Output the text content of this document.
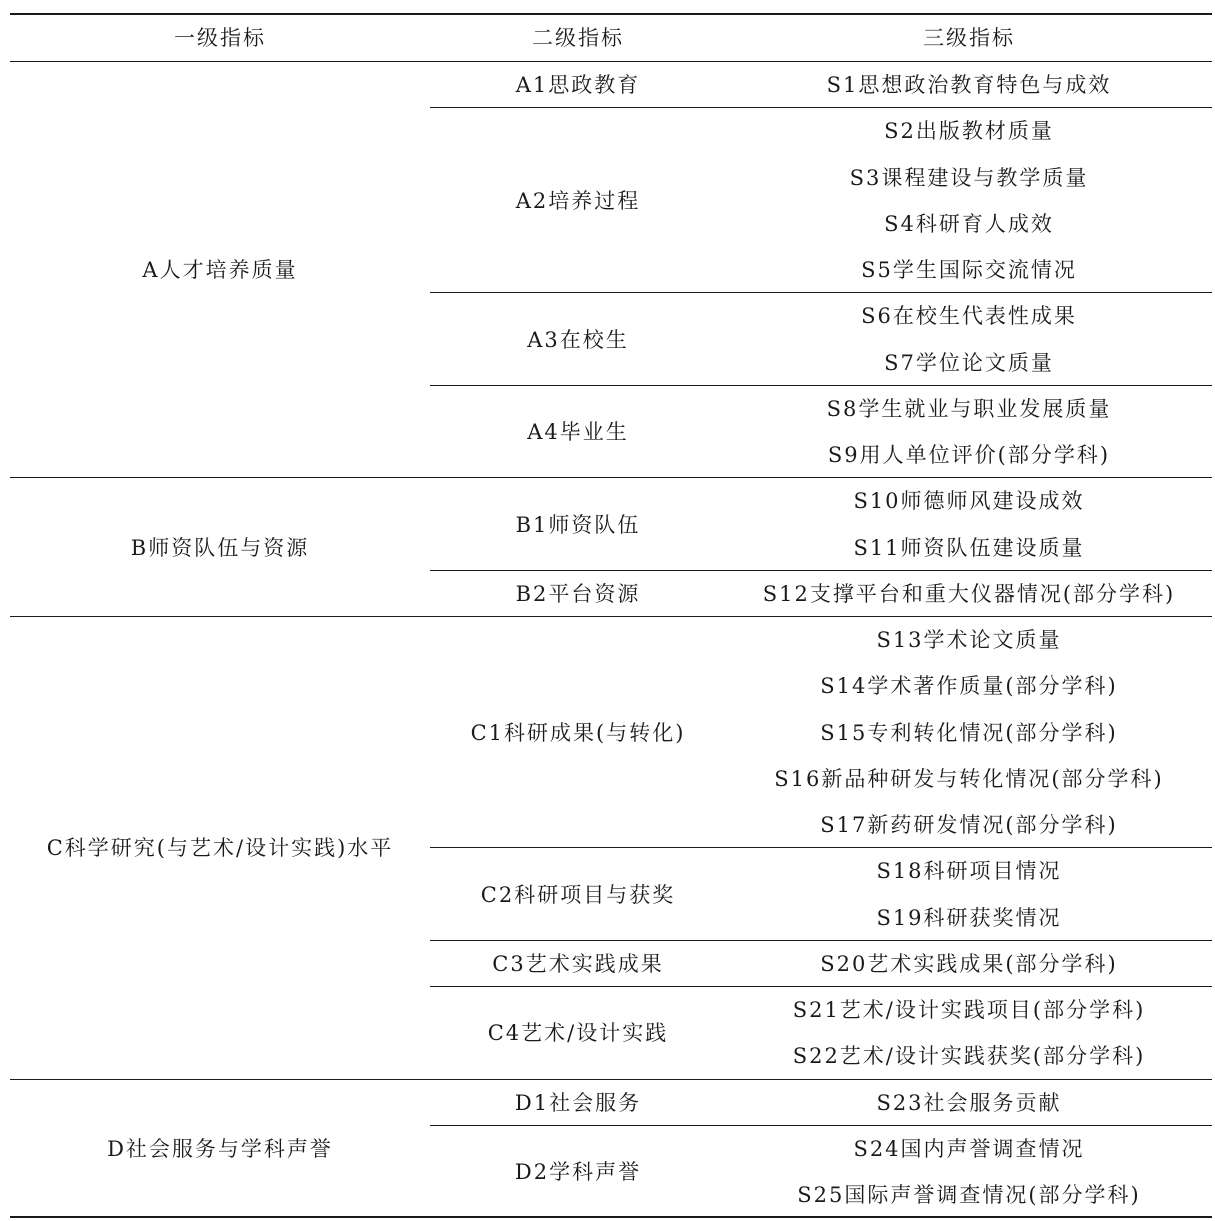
一级指标	二级指标	三级指标
A人才培养质量
B师资队伍与资源
C科学研究(与艺术/设计实践)水平
D社会服务与学科声誉
A1思政教育
A2培养过程
A3在校生
A4毕业生
B1师资队伍
B2平台资源
C1科研成果(与转化)
C2科研项目与获奖
C3艺术实践成果
C4艺术/设计实践
D1社会服务
D2学科声誉
S1思想政治教育特色与成效
S2出版教材质量
S3课程建设与教学质量
S4科研育人成效
S5学生国际交流情况
S6在校生代表性成果
S7学位论文质量
S8学生就业与职业发展质量
S9用人单位评价(部分学科)
S10师德师风建设成效
S11师资队伍建设质量
S12支撑平台和重大仪器情况(部分学科)
S13学术论文质量
S14学术著作质量(部分学科)
S15专利转化情况(部分学科)
S16新品种研发与转化情况(部分学科)
S17新药研发情况(部分学科)
S18科研项目情况
S19科研获奖情况
S20艺术实践成果(部分学科)
S21艺术/设计实践项目(部分学科)
S22艺术/设计实践获奖(部分学科)
S23社会服务贡献
S24国内声誉调查情况
S25国际声誉调查情况(部分学科)
